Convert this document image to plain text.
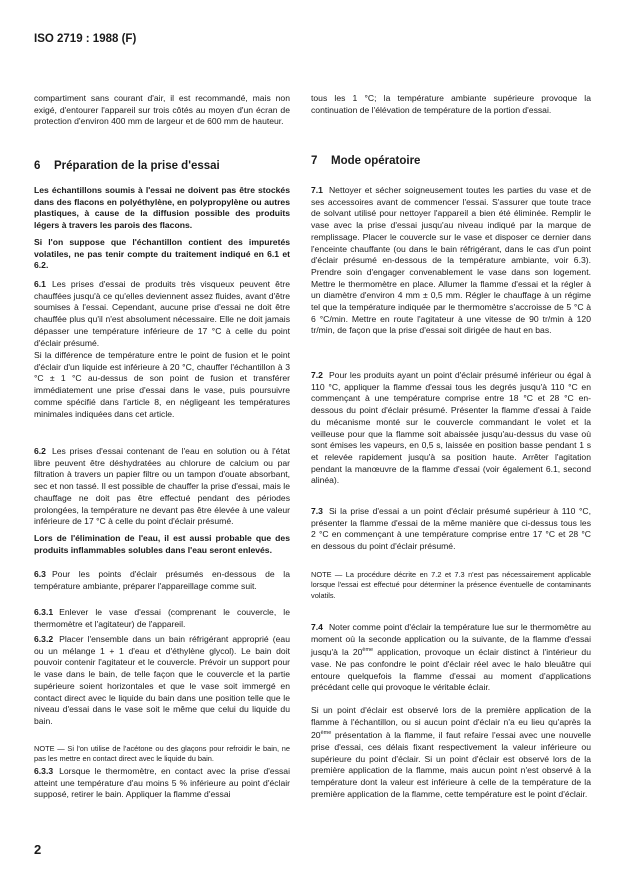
ISO 2719 : 1988 (F)

compartiment sans courant d'air, il est recommandé, mais non exigé, d'entourer l'appareil sur trois côtés au moyen d'un écran de protection d'environ 400 mm de largeur et de 600 mm de hauteur.

6 Préparation de la prise d'essai

Les échantillons soumis à l'essai ne doivent pas être stockés dans des flacons en polyéthylène, en polypropylène ou autres plastiques, à cause de la diffusion possible des produits légers à travers les parois des flacons.

Si l'on suppose que l'échantillon contient des impuretés volatiles, ne pas tenir compte du traitement indiqué en 6.1 et 6.2.

6.1 Les prises d'essai de produits très visqueux peuvent être chauffées jusqu'à ce qu'elles deviennent assez fluides, avant d'être soumises à l'essai. Cependant, aucune prise d'essai ne doit être chauffée plus qu'il n'est absolument nécessaire. Elle ne doit jamais dépasser une température inférieure de 17 °C à celle du point d'éclair présumé.

Si la différence de température entre le point de fusion et le point d'éclair d'un liquide est inférieure à 20 °C, chauffer l'échantillon à 3 °C ± 1 °C au-dessus de son point de fusion et transférer immédiatement une prise d'essai dans le vase, puis poursuivre comme spécifié dans l'article 8, en négligeant les températures minimales indiquées dans cet article.

6.2 Les prises d'essai contenant de l'eau en solution ou à l'état libre peuvent être déshydratées au chlorure de calcium ou par filtration à travers un papier filtre ou un tampon d'ouate absorbant, sec et non tassé. Il est possible de chauffer la prise d'essai, mais le chauffage ne doit pas être effectué pendant des périodes prolongées, la température ne devant pas être élevée à une valeur inférieure de 17 °C à celle du point d'éclair présumé.

Lors de l'élimination de l'eau, il est aussi probable que des produits inflammables solubles dans l'eau seront enlevés.

6.3 Pour les points d'éclair présumés en-dessous de la température ambiante, préparer l'appareillage comme suit.

6.3.1 Enlever le vase d'essai (comprenant le couvercle, le thermomètre et l'agitateur) de l'appareil.

6.3.2 Placer l'ensemble dans un bain réfrigérant approprié (eau ou un mélange 1 + 1 d'eau et d'éthylène glycol). Le bain doit pouvoir contenir l'agitateur et le couvercle. Prévoir un support pour le vase dans le bain, de telle façon que le couvercle et la partie supérieure soient horizontales et que le vase soit immergé en contact direct avec le liquide du bain dans une position telle que le niveau d'essai dans le vase soit le même que celui du liquide du bain.

NOTE — Si l'on utilise de l'acétone ou des glaçons pour refroidir le bain, ne pas les mettre en contact direct avec le liquide du bain.

6.3.3 Lorsque le thermomètre, en contact avec la prise d'essai atteint une température d'au moins 5 % inférieure au point d'éclair supposé, retirer le bain. Appliquer la flamme d'essai

tous les 1 °C; la température ambiante supérieure provoque la continuation de l'élévation de température de la portion d'essai.

7 Mode opératoire

7.1 Nettoyer et sécher soigneusement toutes les parties du vase et de ses accessoires avant de commencer l'essai. S'assurer que toute trace de solvant utilisé pour nettoyer l'appareil a bien été éliminée. Remplir le vase avec la prise d'essai jusqu'au niveau indiqué par la marque de remplissage. Placer le couvercle sur le vase et disposer ce dernier dans l'enceinte chauffante (ou dans le bain réfrigérant, dans le cas d'un point d'éclair présumé en-dessous de la température ambiante, voir 6.3). Prendre soin d'engager convenablement le vase dans son logement. Mettre le thermomètre en place. Allumer la flamme d'essai et la régler à un diamètre d'environ 4 mm ± 0,5 mm. Régler le chauffage à un régime tel que la température indiquée par le thermomètre s'accroisse de 5 °C à 6 °C/min. Mettre en route l'agitateur à une vitesse de 90 tr/min à 120 tr/min, de façon que la prise d'essai soit dirigée de haut en bas.

7.2 Pour les produits ayant un point d'éclair présumé inférieur ou égal à 110 °C, appliquer la flamme d'essai tous les degrés jusqu'à 110 °C en commençant à une température comprise entre 18 °C et 28 °C en-dessous du point d'éclair présumé. Présenter la flamme d'essai à l'aide du mécanisme monté sur le couvercle commandant le volet et la veilleuse pour que la flamme soit abaissée jusqu'au-dessus du vase où sont émises les vapeurs, en 0,5 s, laissée en position basse pendant 1 s et relevée rapidement jusqu'à sa position haute. Arrêter l'agitation pendant la manœuvre de la flamme d'essai (voir également 6.1, second alinéa).

7.3 Si la prise d'essai a un point d'éclair présumé supérieur à 110 °C, présenter la flamme d'essai de la même manière que ci-dessus tous les 2 °C en commençant à une température comprise entre 17 °C et 28 °C en dessous du point d'éclair présumé.

NOTE — La procédure décrite en 7.2 et 7.3 n'est pas nécessairement applicable lorsque l'essai est effectué pour déterminer la présence éventuelle de contaminants volatils.

7.4 Noter comme point d'éclair la température lue sur le thermomètre au moment où la seconde application ou la suivante, de la flamme d'essai jusqu'à la 20ème application, provoque un éclair distinct à l'intérieur du vase. Ne pas confondre le point d'éclair réel avec le halo bleuâtre qui entoure quelquefois la flamme d'essai au moment d'applications précédant celle qui provoque le véritable éclair.

Si un point d'éclair est observé lors de la première application de la flamme à l'échantillon, ou si aucun point d'éclair n'a eu lieu qu'après la 20ème présentation à la flamme, il faut refaire l'essai avec une nouvelle prise d'essai, ces délais fixant respectivement la valeur inférieure ou supérieure du point d'éclair. Si un point d'éclair est observé lors de la première application de la flamme, mais aucun point n'est observé à la température dont la valeur est inférieure à celle de la température de la première application de la flamme, cette température est le point d'éclair.

2
